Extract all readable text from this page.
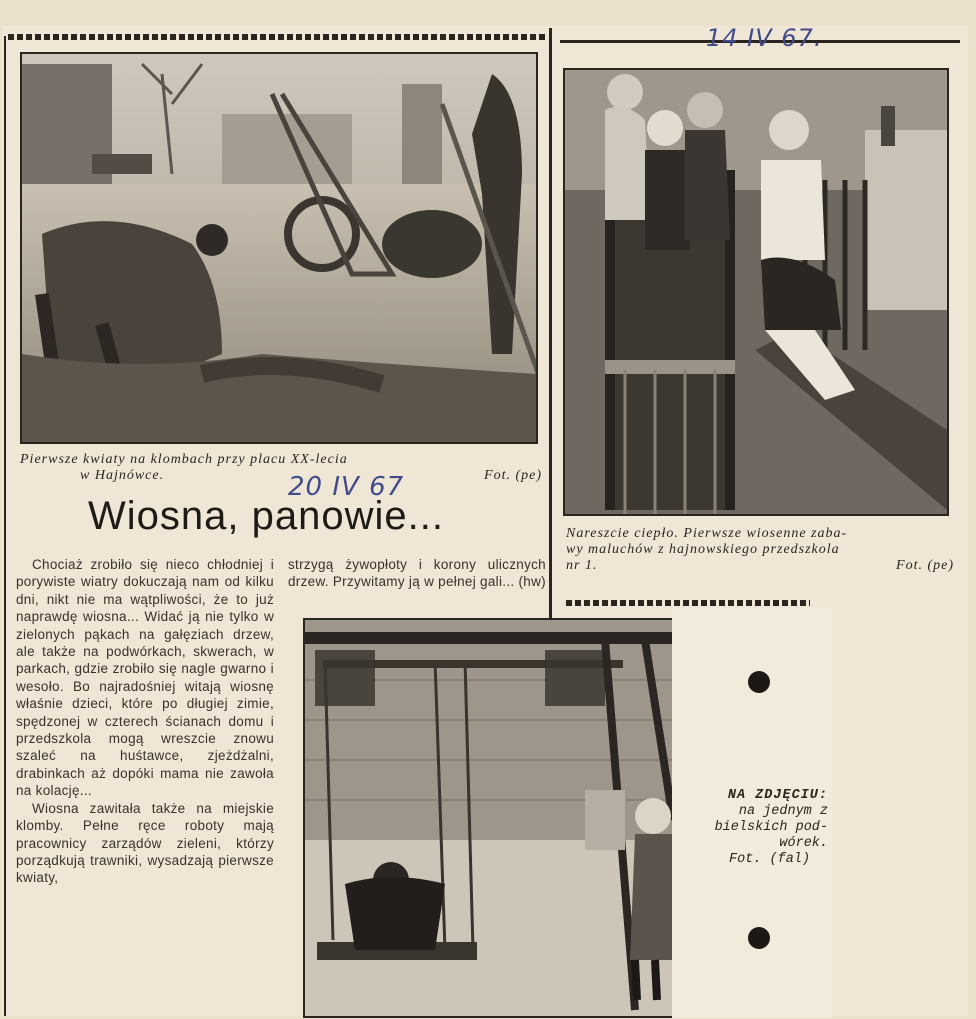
14 IV 67.
Pierwsze kwiaty na klombach przy placu XX-lecia
w Hajnówce.	Fot. (pe)
20 IV 67
Wiosna, panowie...	Nareszcie ciepło. Pierwsze wiosenne zaba-
wy maluchów z hajnowskiego przedszkola
nr 1.	Fot. (pe)

Chociaż zrobiło się nieco chłodniej i porywiste wiatry dokuczają nam od kilku dni, nikt nie ma wątpliwości, że to już naprawdę wiosna... Widać ją nie tylko w zielonych pąkach na gałęziach drzew, ale także na podwórkach, skwerach, w parkach, gdzie zrobiło się nagle gwarno i wesoło. Bo najradośniej witają wiosnę właśnie dzieci, które po długiej zimie, spędzonej w czterech ścianach domu i przedszkola mogą wreszcie znowu szaleć na huśtawce, zjeżdżalni, drabinkach aż dopóki mama nie zawoła na kolację...

Wiosna zawitała także na miejskie klomby. Pełne ręce roboty mają pracownicy zarządów zieleni, którzy porządkują trawniki, wysadzają pierwsze kwiaty,

strzygą żywopłoty i korony ulicznych drzew. Przywitamy ją w pełnej gali... (hw)

NA ZDJĘCIU:
na jednym z
bielskich pod-
wórek.
Fot. (fal)
